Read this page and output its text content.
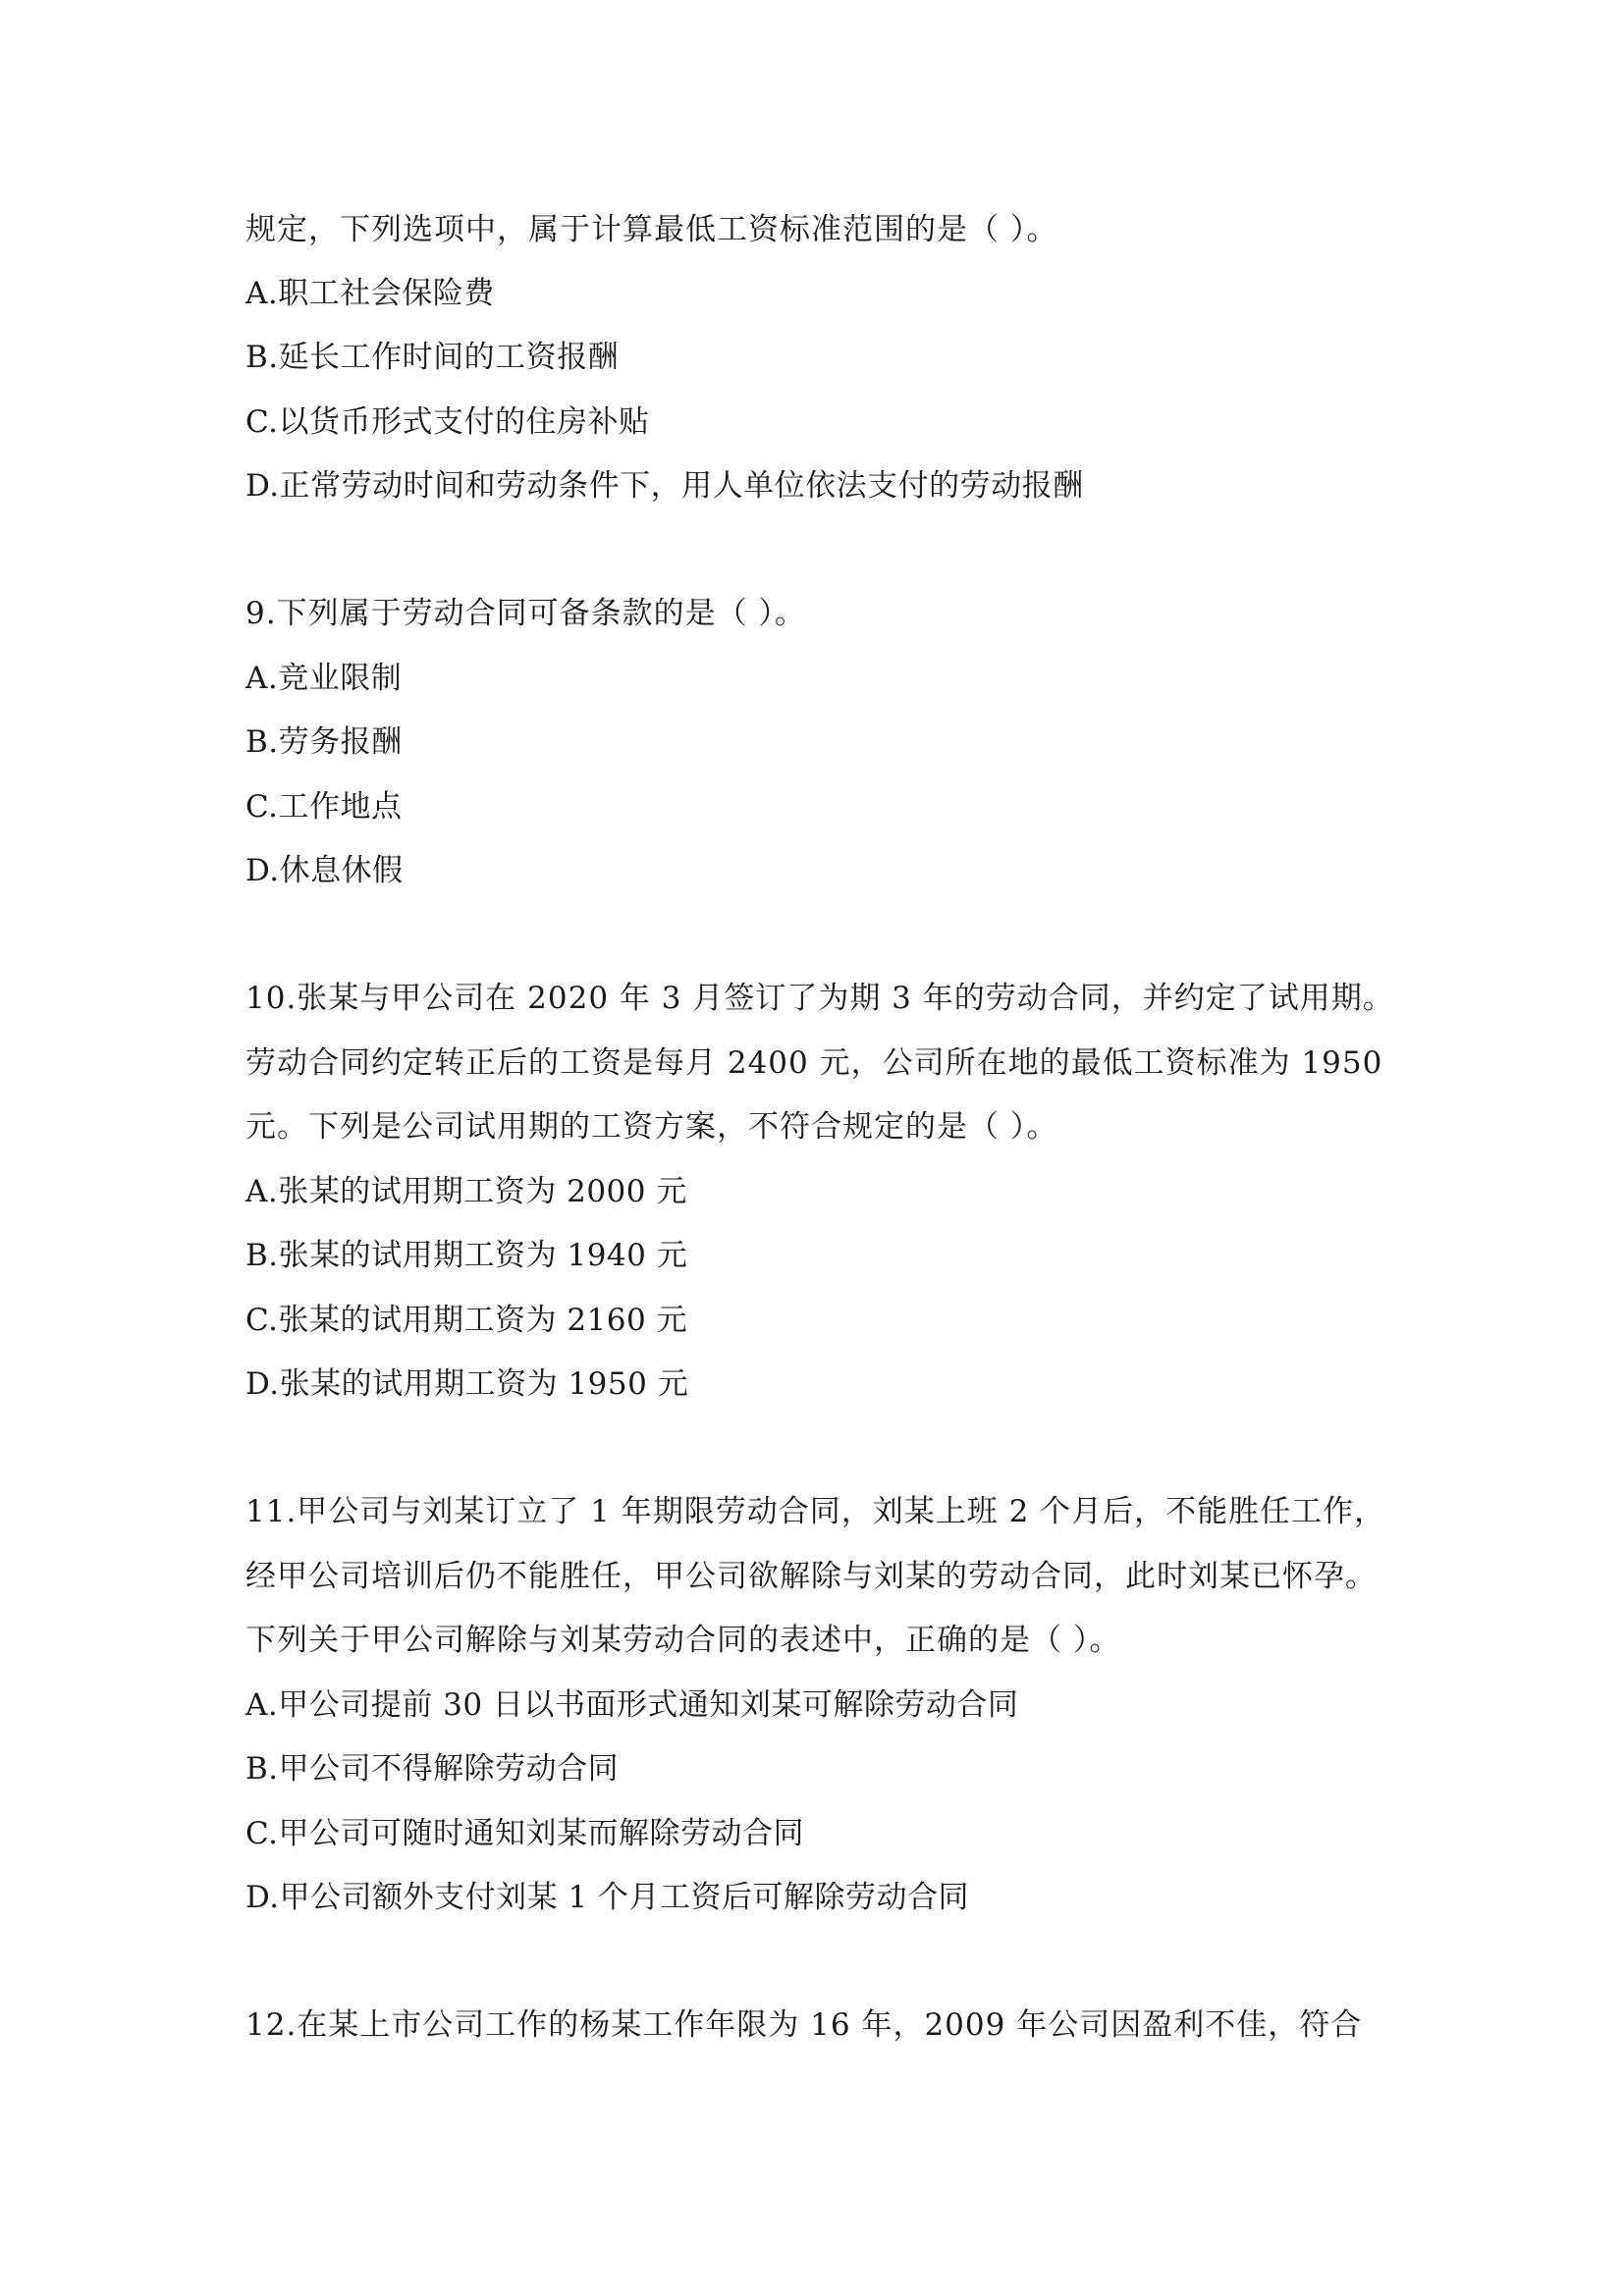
规定，下列选项中，属于计算最低工资标准范围的是（ ）。

A.职工社会保险费

B.延长工作时间的工资报酬

C.以货币形式支付的住房补贴

D.正常劳动时间和劳动条件下，用人单位依法支付的劳动报酬

9.下列属于劳动合同可备条款的是（ ）。

A.竞业限制

B.劳务报酬

C.工作地点

D.休息休假

10.张某与甲公司在 2020 年 3 月签订了为期 3 年的劳动合同，并约定了试用期。

劳动合同约定转正后的工资是每月 2400 元，公司所在地的最低工资标准为 1950

元。下列是公司试用期的工资方案，不符合规定的是（ ）。

A.张某的试用期工资为 2000 元

B.张某的试用期工资为 1940 元

C.张某的试用期工资为 2160 元

D.张某的试用期工资为 1950 元

11.甲公司与刘某订立了 1 年期限劳动合同，刘某上班 2 个月后，不能胜任工作，

经甲公司培训后仍不能胜任，甲公司欲解除与刘某的劳动合同，此时刘某已怀孕。

下列关于甲公司解除与刘某劳动合同的表述中，正确的是（ ）。

A.甲公司提前 30 日以书面形式通知刘某可解除劳动合同

B.甲公司不得解除劳动合同

C.甲公司可随时通知刘某而解除劳动合同

D.甲公司额外支付刘某 1 个月工资后可解除劳动合同

12.在某上市公司工作的杨某工作年限为 16 年，2009 年公司因盈利不佳，符合
